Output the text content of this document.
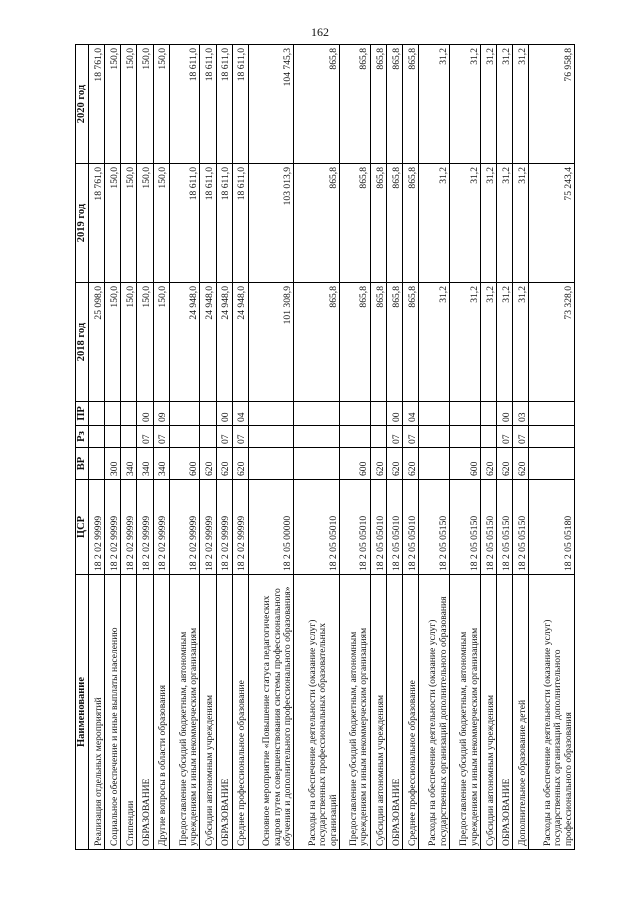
162
Наименование	ЦСР	ВР	Рз	ПР	2018 год	2019 год	2020 год
Реализация отдельных мероприятий	18 2 02 99999				25 098,0	18 761,0	18 761,0
Социальное обеспечение и иные выплаты населению	18 2 02 99999	300			150,0	150,0	150,0
Стипендии	18 2 02 99999	340			150,0	150,0	150,0
ОБРАЗОВАНИЕ	18 2 02 99999	340	07	00	150,0	150,0	150,0
Другие вопросы в области образования	18 2 02 99999	340	07	09	150,0	150,0	150,0
Предоставление субсидий бюджетным, автономным учреждениям и иным некоммерческим организациям	18 2 02 99999	600			24 948,0	18 611,0	18 611,0
Субсидии автономным учреждениям	18 2 02 99999	620			24 948,0	18 611,0	18 611,0
ОБРАЗОВАНИЕ	18 2 02 99999	620	07	00	24 948,0	18 611,0	18 611,0
Среднее профессиональное образование	18 2 02 99999	620	07	04	24 948,0	18 611,0	18 611,0
Основное мероприятие «Повышение статуса педагогических кадров путем совершенствования системы профессионального обучения и дополнительного профессионального образования»	18 2 05 00000				101 308,9	103 013,9	104 745,3
Расходы на обеспечение деятельности (оказание услуг) государственных профессиональных образовательных организаций	18 2 05 05010				865,8	865,8	865,8
Предоставление субсидий бюджетным, автономным учреждениям и иным некоммерческим организациям	18 2 05 05010	600			865,8	865,8	865,8
Субсидии автономным учреждениям	18 2 05 05010	620			865,8	865,8	865,8
ОБРАЗОВАНИЕ	18 2 05 05010	620	07	00	865,8	865,8	865,8
Среднее профессиональное образование	18 2 05 05010	620	07	04	865,8	865,8	865,8
Расходы на обеспечение деятельности (оказание услуг) государственных организаций дополнительного образования	18 2 05 05150				31,2	31,2	31,2
Предоставление субсидий бюджетным, автономным учреждениям и иным некоммерческим организациям	18 2 05 05150	600			31,2	31,2	31,2
Субсидии автономным учреждениям	18 2 05 05150	620			31,2	31,2	31,2
ОБРАЗОВАНИЕ	18 2 05 05150	620	07	00	31,2	31,2	31,2
Дополнительное образование детей	18 2 05 05150	620	07	03	31,2	31,2	31,2
Расходы на обеспечение деятельности (оказание услуг) государственных организаций дополнительного профессионального образования	18 2 05 05180				73 328,0	75 243,4	76 958,8
